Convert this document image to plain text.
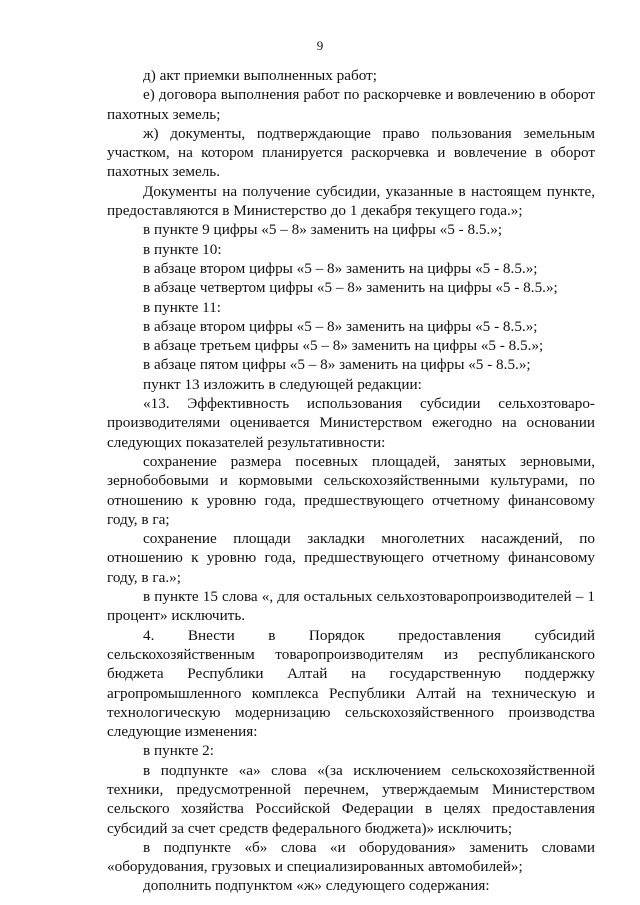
9

д) акт приемки выполненных работ;

е) договора выполнения работ по раскорчевке и вовлечению в оборот пахотных земель;

ж) документы, подтверждающие право пользования земельным участком, на котором планируется раскорчевка и вовлечение в оборот пахотных земель.

Документы на получение субсидии, указанные в настоящем пункте, предоставляются в Министерство до 1 декабря текущего года.»;

в пункте 9 цифры «5 – 8» заменить на цифры «5 - 8.5.»;

в пункте 10:

в абзаце втором цифры «5 – 8» заменить на цифры «5 - 8.5.»;

в абзаце четвертом цифры «5 – 8» заменить на цифры «5 - 8.5.»;

в пункте 11:

в абзаце втором цифры «5 – 8» заменить на цифры «5 - 8.5.»;

в абзаце третьем цифры «5 – 8» заменить на цифры «5 - 8.5.»;

в абзаце пятом цифры «5 – 8» заменить на цифры «5 - 8.5.»;

пункт 13 изложить в следующей редакции:

«13. Эффективность использования субсидии сельхозтоваро-производителями оценивается Министерством ежегодно на основании следующих показателей результативности:

сохранение размера посевных площадей, занятых зерновыми, зернобобовыми и кормовыми сельскохозяйственными культурами, по отношению к уровню года, предшествующего отчетному финансовому году, в га;

сохранение площади закладки многолетних насаждений, по отношению к уровню года, предшествующего отчетному финансовому году, в га.»;

в пункте 15 слова «, для остальных сельхозтоваропроизводителей – 1 процент» исключить.

4. Внести в Порядок предоставления субсидий сельскохозяйственным товаропроизводителям из республиканского бюджета Республики Алтай на государственную поддержку агропромышленного комплекса Республики Алтай на техническую и технологическую модернизацию сельскохозяйственного производства следующие изменения:

в пункте 2:

в подпункте «а» слова «(за исключением сельскохозяйственной техники, предусмотренной перечнем, утверждаемым Министерством сельского хозяйства Российской Федерации в целях предоставления субсидий за счет средств федерального бюджета)» исключить;

в подпункте «б» слова «и оборудования» заменить словами «оборудования, грузовых и специализированных автомобилей»;

дополнить подпунктом «ж» следующего содержания:
